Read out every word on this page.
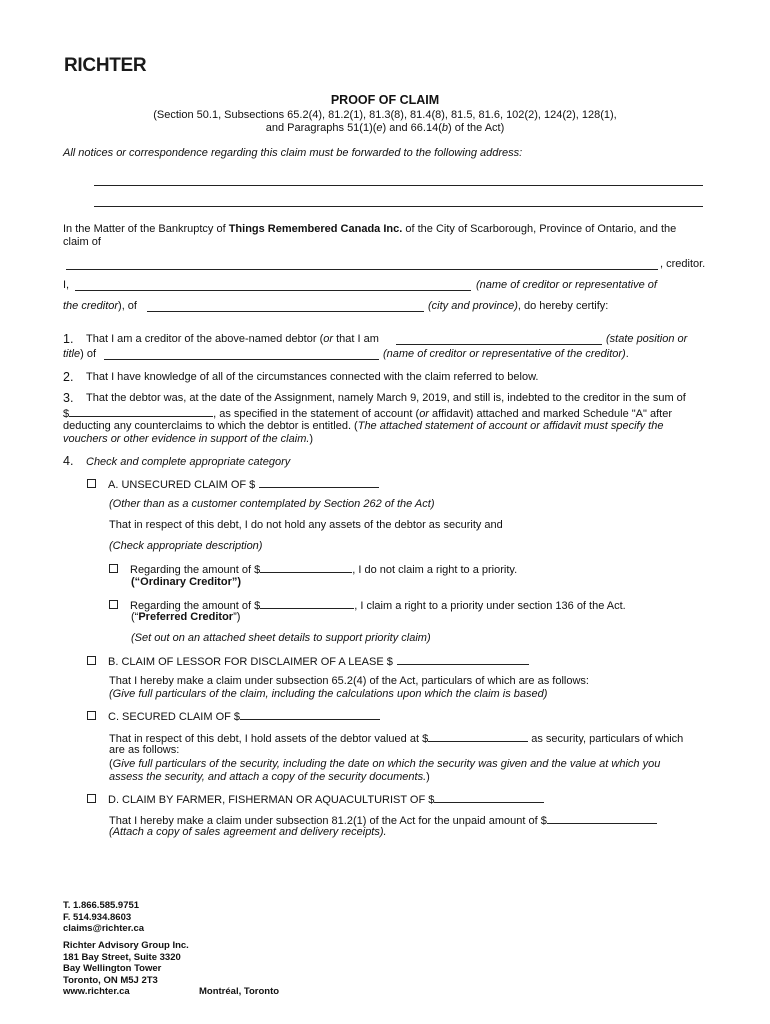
RICHTER
PROOF OF CLAIM
(Section 50.1, Subsections 65.2(4), 81.2(1), 81.3(8), 81.4(8), 81.5, 81.6, 102(2), 124(2), 128(1),
and Paragraphs 51(1)(e) and 66.14(b) of the Act)
All notices or correspondence regarding this claim must be forwarded to the following address:
In the Matter of the Bankruptcy of Things Remembered Canada Inc. of the City of Scarborough, Province of Ontario, and the
claim of
, creditor.
I,	(name of creditor or representative of
the creditor), of	(city and province), do hereby certify:
1. That I am a creditor of the above-named debtor (or that I am	(state position or
title) of	(name of creditor or representative of the creditor).
2. That I have knowledge of all of the circumstances connected with the claim referred to below.
3. That the debtor was, at the date of the Assignment, namely March 9, 2019, and still is, indebted to the creditor in the sum of
$	, as specified in the statement of account (or affidavit) attached and marked Schedule "A" after
deducting any counterclaims to which the debtor is entitled. (The attached statement of account or affidavit must specify the
vouchers or other evidence in support of the claim.)
4. Check and complete appropriate category
A. UNSECURED CLAIM OF $
(Other than as a customer contemplated by Section 262 of the Act)
That in respect of this debt, I do not hold any assets of the debtor as security and
(Check appropriate description)
Regarding the amount of $	, I do not claim a right to a priority.
(“Ordinary Creditor”)
Regarding the amount of $	, I claim a right to a priority under section 136 of the Act.
(“Preferred Creditor”)
(Set out on an attached sheet details to support priority claim)
B. CLAIM OF LESSOR FOR DISCLAIMER OF A LEASE $
That I hereby make a claim under subsection 65.2(4) of the Act, particulars of which are as follows:
(Give full particulars of the claim, including the calculations upon which the claim is based)
C. SECURED CLAIM OF $
That in respect of this debt, I hold assets of the debtor valued at $	as security, particulars of which
are as follows:
(Give full particulars of the security, including the date on which the security was given and the value at which you
assess the security, and attach a copy of the security documents.)
D. CLAIM BY FARMER, FISHERMAN OR AQUACULTURIST OF $
That I hereby make a claim under subsection 81.2(1) of the Act for the unpaid amount of $
(Attach a copy of sales agreement and delivery receipts).
T. 1.866.585.9751
F. 514.934.8603
claims@richter.ca
Richter Advisory Group Inc.
181 Bay Street, Suite 3320
Bay Wellington Tower
Toronto, ON M5J 2T3
www.richter.ca	Montréal, Toronto
